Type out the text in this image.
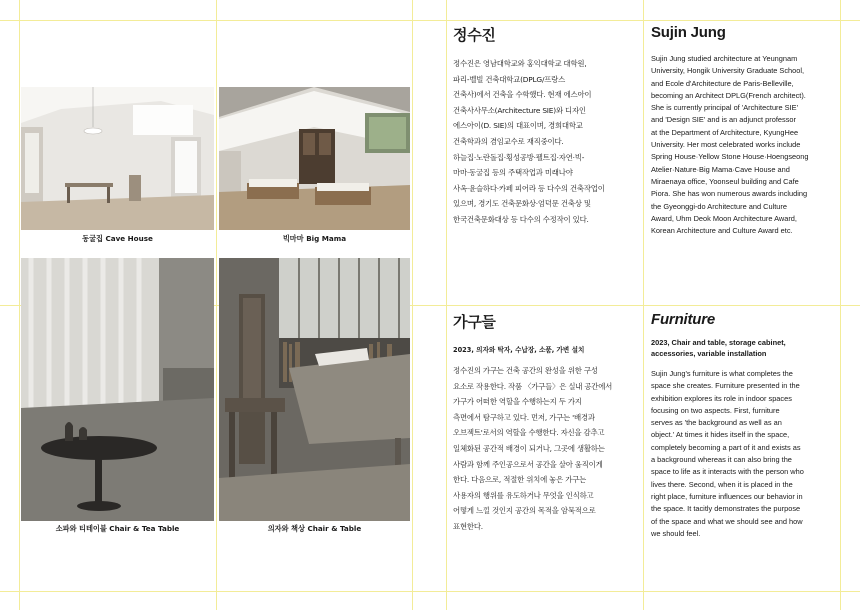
동굴집 Cave House	빅마마 Big Mama
소파와 티테이블 Chair & Tea Table	의자와 책상 Chair & Table
정수진
정수진은 영남대학교와 홍익대학교 대학원,
파리-벨빌 건축대학교(DPLG/프랑스
건축사)에서 건축을 수학했다. 현재 에스아이
건축사사무소(Architecture SIE)와 디자인
에스아이(D. SIE)의 대표이며, 경희대학교
건축학과의 겸임교수로 재직중이다.
하늘집·노란돌집·횡성공방·펠트집·자연·빅-
마마·동굴집 등의 주택작업과 미래나야
사옥·윤슬하다·카페 피어라 등 다수의 건축작업이
있으며, 경기도 건축문화상·엄덕문 건축상 및
한국건축문화대상 등 다수의 수정작이 있다.
Sujin Jung
Sujin Jung studied architecture at Yeungnam
University, Hongik University Graduate School,
and Ecole d'Architecture de Paris-Belleville,
becoming an Architect DPLG(French architect).
She is currently principal of 'Architecture SIE'
and 'Design SIE' and is an adjunct professor
at the Department of Architecture, KyungHee
University. Her most celebrated works include
Spring House·Yellow Stone House·Hoengseong
Atelier·Nature·Big Mama·Cave House and
Miraenaya office, Yoonseul building and Cafe
Piora. She has won numerous awards including
the Gyeonggi-do Architecture and Culture
Award, Uhm Deok Moon Architecture Award,
Korean Architecture and Culture Award etc.
가구들

2023, 의자와 탁자, 수납장, 소품, 가변 설치

정수진의 가구는 건축 공간의 완성을 위한 구성
요소로 작용한다. 작품 〈가구들〉은 실내 공간에서
가구가 어떠한 역할을 수행하는지 두 가지
측면에서 탐구하고 있다. 먼저, 가구는 '배경과
오브젝트'로서의 역할을 수행한다. 자신을 감추고
일체화된 공간적 배경이 되거나, 그곳에 생활하는
사람과 함께 주인공으로서 공간을 살아 움직이게
한다. 다음으로, 적절한 위치에 놓은 가구는
사용자의 행위를 유도하거나 무엇을 인식하고
어떻게 느낄 것인지 공간의 목적을 암묵적으로
표현한다.
Furniture
2023, Chair and table, storage cabinet,
accessories, variable installation
Sujin Jung's furniture is what completes the
space she creates. Furniture presented in the
exhibition explores its role in indoor spaces
focusing on two aspects. First, furniture
serves as 'the background as well as an
object.' At times it hides itself in the space,
completely becoming a part of it and exists as
a background whereas it can also bring the
space to life as it interacts with the person who
lives there. Second, when it is placed in the
right place, furniture influences our behavior in
the space. It tacitly demonstrates the purpose
of the space and what we should see and how
we should feel.
